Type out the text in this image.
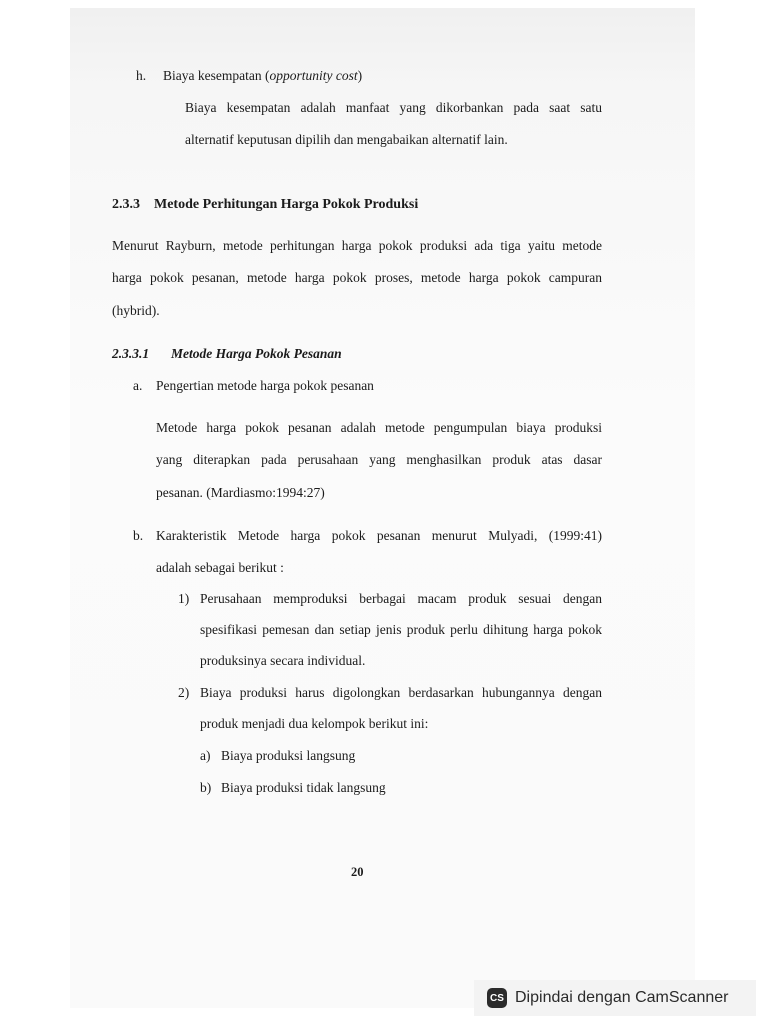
h. Biaya kesempatan (opportunity cost)
Biaya kesempatan adalah manfaat yang dikorbankan pada saat satu
alternatif keputusan dipilih dan mengabaikan alternatif lain.
2.3.3 Metode Perhitungan Harga Pokok Produksi
Menurut Rayburn, metode perhitungan harga pokok produksi ada tiga yaitu metode
harga pokok pesanan, metode harga pokok proses, metode harga pokok campuran
(hybrid).
2.3.3.1 Metode Harga Pokok Pesanan
a. Pengertian metode harga pokok pesanan
Metode harga pokok pesanan adalah metode pengumpulan biaya produksi
yang diterapkan pada perusahaan yang menghasilkan produk atas dasar
pesanan. (Mardiasmo:1994:27)
b. Karakteristik Metode harga pokok pesanan menurut Mulyadi, (1999:41)
adalah sebagai berikut :
1) Perusahaan memproduksi berbagai macam produk sesuai dengan
spesifikasi pemesan dan setiap jenis produk perlu dihitung harga pokok
produksinya secara individual.
2) Biaya produksi harus digolongkan berdasarkan hubungannya dengan
produk menjadi dua kelompok berikut ini:
a) Biaya produksi langsung
b) Biaya produksi tidak langsung
20
CS Dipindai dengan CamScanner
